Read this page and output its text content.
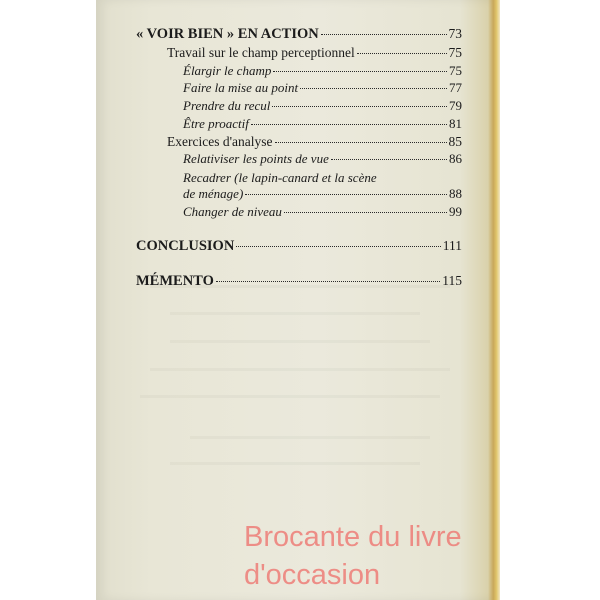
« VOIR BIEN » EN ACTION	73
Travail sur le champ perceptionnel	75
Élargir le champ	75
Faire la mise au point	77
Prendre du recul	79
Être proactif	81
Exercices d'analyse	85
Relativiser les points de vue	86
Recadrer (le lapin-canard et la scène
de ménage)	88
Changer de niveau	99
CONCLUSION	111
MÉMENTO	115
Brocante du livre
d'occasion
